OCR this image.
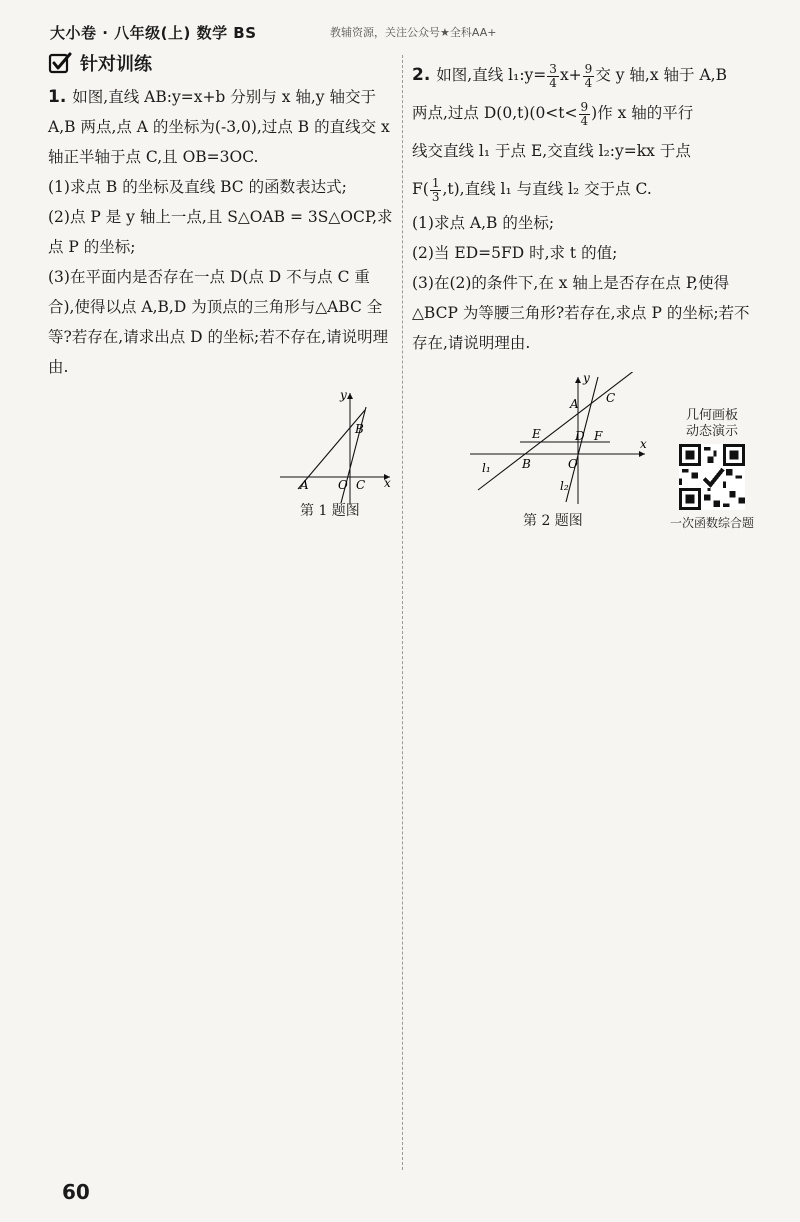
大小卷 · 八年级(上) 数学 BS	教辅资源，关注公众号★全科AA+
针对训练

1. 如图,直线 AB:y=x+b 分别与 x 轴,y 轴交于 A,B 两点,点 A 的坐标为(-3,0),过点 B 的直线交 x 轴正半轴于点 C,且 OB=3OC.

(1)求点 B 的坐标及直线 BC 的函数表达式;

(2)点 P 是 y 轴上一点,且 S△OAB = 3S△OCP,求点 P 的坐标;

(3)在平面内是否存在一点 D(点 D 不与点 C 重合),使得以点 A,B,D 为顶点的三角形与△ABC 全等?若存在,请求出点 D 的坐标;若不存在,请说明理由.

y
B
A O C x
第 1 题图

2. 如图,直线 l₁:y= $\frac{3}{4} x+ \frac{9}{4}$ 交 y 轴,x 轴于 A,B

两点,过点 $D(0,t)(0<t< \frac{9}{4}$ )作 x 轴的平行

线交直线 l₁ 于点 E,交直线 l₂:y=kx 于点

$F( \frac{1}{3} ,t)$,直线 l₁ 与直线 l₂ 交于点 C.

(1)求点 A,B 的坐标;

(2)当 ED=5FD 时,求 t 的值;

(3)在(2)的条件下,在 x 轴上是否存在点 P,使得△BCP 为等腰三角形?若存在,求点 P 的坐标;若不存在,请说明理由.

y
A C
E	D F
x
l₁	B	O
l₂
第 2 题图
几何画板
动态演示
一次函数综合题
60
